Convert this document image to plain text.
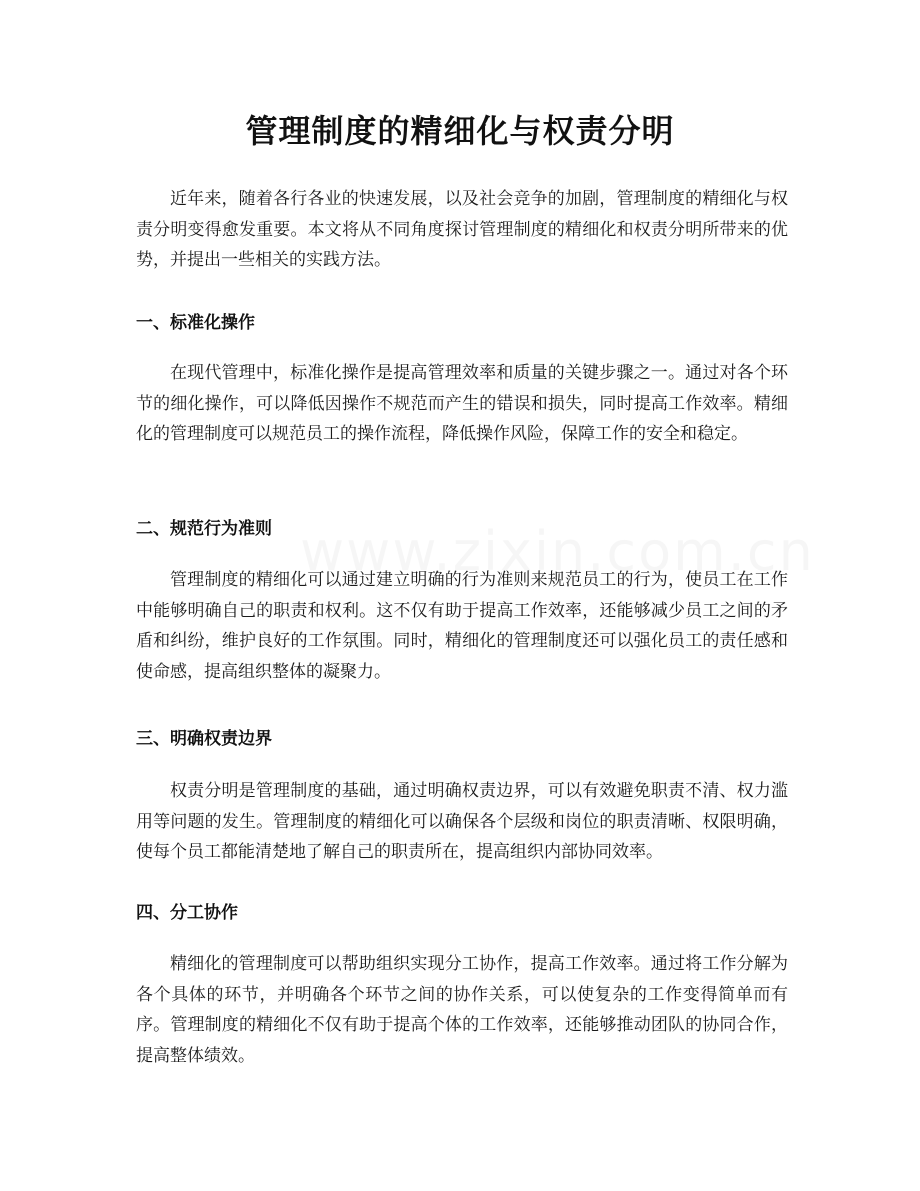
管理制度的精细化与权责分明

近年来，随着各行各业的快速发展，以及社会竞争的加剧，管理制度的精细化与权责分明变得愈发重要。本文将从不同角度探讨管理制度的精细化和权责分明所带来的优势，并提出一些相关的实践方法。

一、标准化操作

在现代管理中，标准化操作是提高管理效率和质量的关键步骤之一。通过对各个环节的细化操作，可以降低因操作不规范而产生的错误和损失，同时提高工作效率。精细化的管理制度可以规范员工的操作流程，降低操作风险，保障工作的安全和稳定。

二、规范行为准则

管理制度的精细化可以通过建立明确的行为准则来规范员工的行为，使员工在工作中能够明确自己的职责和权利。这不仅有助于提高工作效率，还能够减少员工之间的矛盾和纠纷，维护良好的工作氛围。同时，精细化的管理制度还可以强化员工的责任感和使命感，提高组织整体的凝聚力。

三、明确权责边界

权责分明是管理制度的基础，通过明确权责边界，可以有效避免职责不清、权力滥用等问题的发生。管理制度的精细化可以确保各个层级和岗位的职责清晰、权限明确，使每个员工都能清楚地了解自己的职责所在，提高组织内部协同效率。

四、分工协作

精细化的管理制度可以帮助组织实现分工协作，提高工作效率。通过将工作分解为各个具体的环节，并明确各个环节之间的协作关系，可以使复杂的工作变得简单而有序。管理制度的精细化不仅有助于提高个体的工作效率，还能够推动团队的协同合作，提高整体绩效。
